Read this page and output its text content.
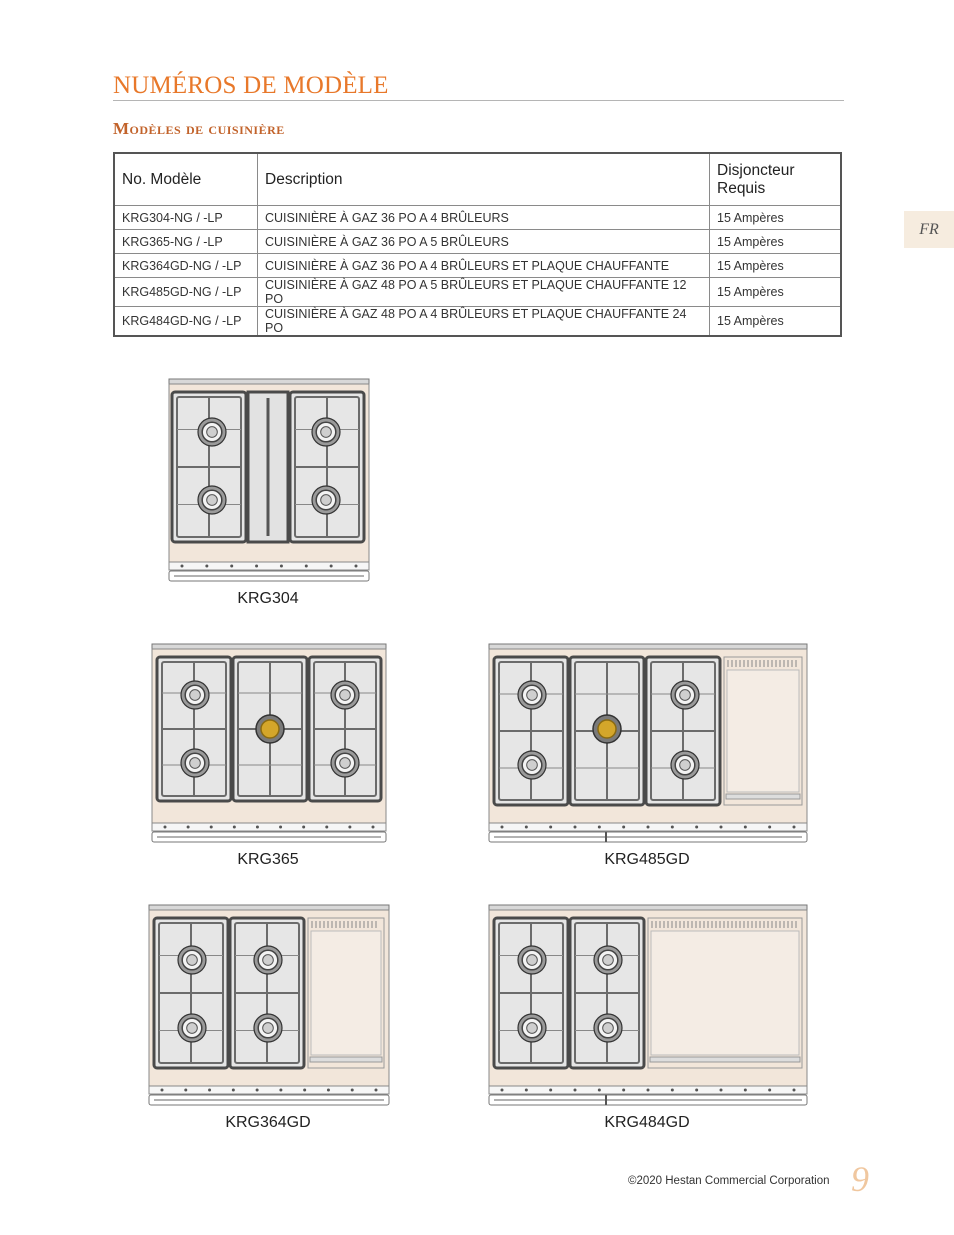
NUMÉROS DE MODÈLE
Modèles de cuisinière
FR
No. Modèle	Description	Disjoncteur
Requis
KRG304-NG / -LP	CUISINIÈRE À GAZ 36 PO A 4 BRÛLEURS	15 Ampères
KRG365-NG / -LP	CUISINIÈRE À GAZ 36 PO A 5 BRÛLEURS	15 Ampères
KRG364GD-NG / -LP	CUISINIÈRE À GAZ 36 PO A 4 BRÛLEURS ET PLAQUE CHAUFFANTE	15 Ampères
KRG485GD-NG / -LP	CUISINIÈRE À GAZ 48 PO A 5 BRÛLEURS ET PLAQUE CHAUFFANTE 12 PO	15 Ampères
KRG484GD-NG / -LP	CUISINIÈRE À GAZ 48 PO A 4 BRÛLEURS ET PLAQUE CHAUFFANTE 24 PO	15 Ampères
KRG304
KRG365	KRG485GD
KRG364GD	KRG484GD
©2020 Hestan Commercial Corporation 9
